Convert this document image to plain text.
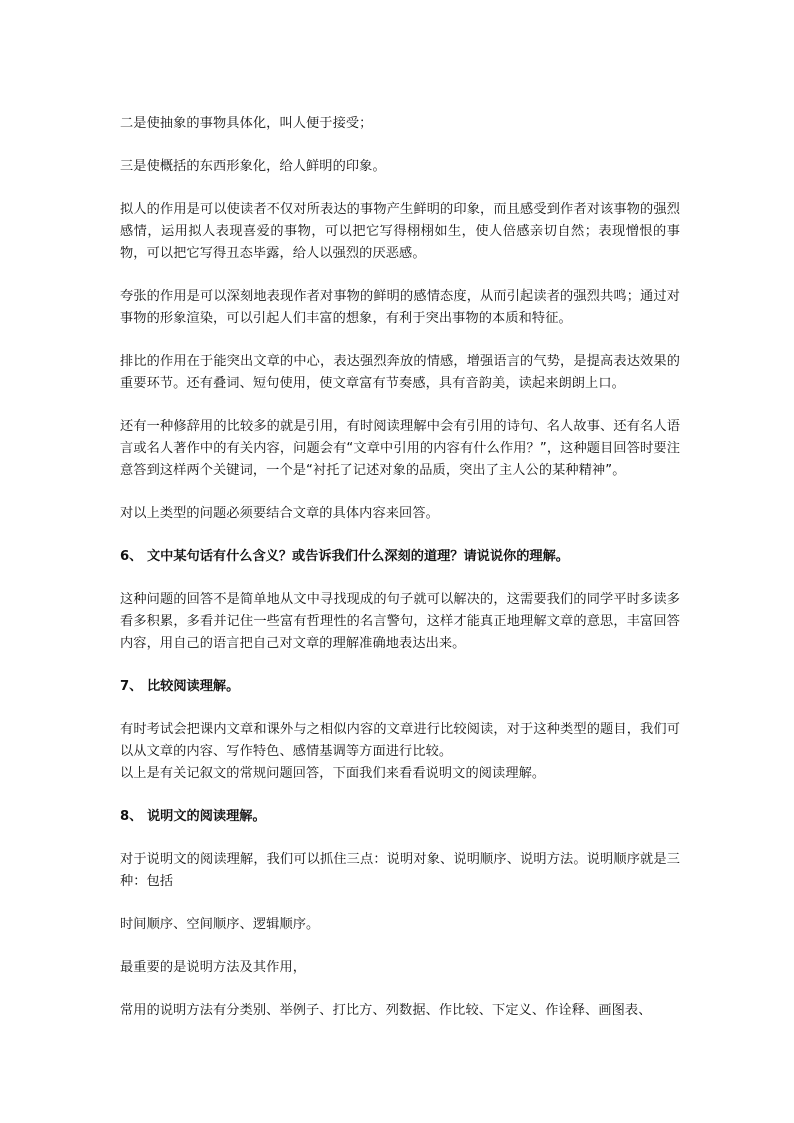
二是使抽象的事物具体化，叫人便于接受；

三是使概括的东西形象化，给人鲜明的印象。

拟人的作用是可以使读者不仅对所表达的事物产生鲜明的印象，而且感受到作者对该事物的强烈感情，运用拟人表现喜爱的事物，可以把它写得栩栩如生，使人倍感亲切自然；表现憎恨的事物，可以把它写得丑态毕露，给人以强烈的厌恶感。

夸张的作用是可以深刻地表现作者对事物的鲜明的感情态度，从而引起读者的强烈共鸣；通过对事物的形象渲染，可以引起人们丰富的想象，有利于突出事物的本质和特征。

排比的作用在于能突出文章的中心，表达强烈奔放的情感，增强语言的气势，是提高表达效果的重要环节。还有叠词、短句使用，使文章富有节奏感，具有音韵美，读起来朗朗上口。

还有一种修辞用的比较多的就是引用，有时阅读理解中会有引用的诗句、名人故事、还有名人语言或名人著作中的有关内容，问题会有“文章中引用的内容有什么作用？”，这种题目回答时要注意答到这样两个关键词，一个是“衬托了记述对象的品质，突出了主人公的某种精神”。

对以上类型的问题必须要结合文章的具体内容来回答。

6、 文中某句话有什么含义？或告诉我们什么深刻的道理？请说说你的理解。

这种问题的回答不是简单地从文中寻找现成的句子就可以解决的，这需要我们的同学平时多读多看多积累，多看并记住一些富有哲理性的名言警句，这样才能真正地理解文章的意思，丰富回答内容，用自己的语言把自己对文章的理解准确地表达出来。

7、 比较阅读理解。

有时考试会把课内文章和课外与之相似内容的文章进行比较阅读，对于这种类型的题目，我们可以从文章的内容、写作特色、感情基调等方面进行比较。

以上是有关记叙文的常规问题回答，下面我们来看看说明文的阅读理解。

8、 说明文的阅读理解。

对于说明文的阅读理解，我们可以抓住三点：说明对象、说明顺序、说明方法。说明顺序就是三种：包括

时间顺序、空间顺序、逻辑顺序。

最重要的是说明方法及其作用，

常用的说明方法有分类别、举例子、打比方、列数据、作比较、下定义、作诠释、画图表、
